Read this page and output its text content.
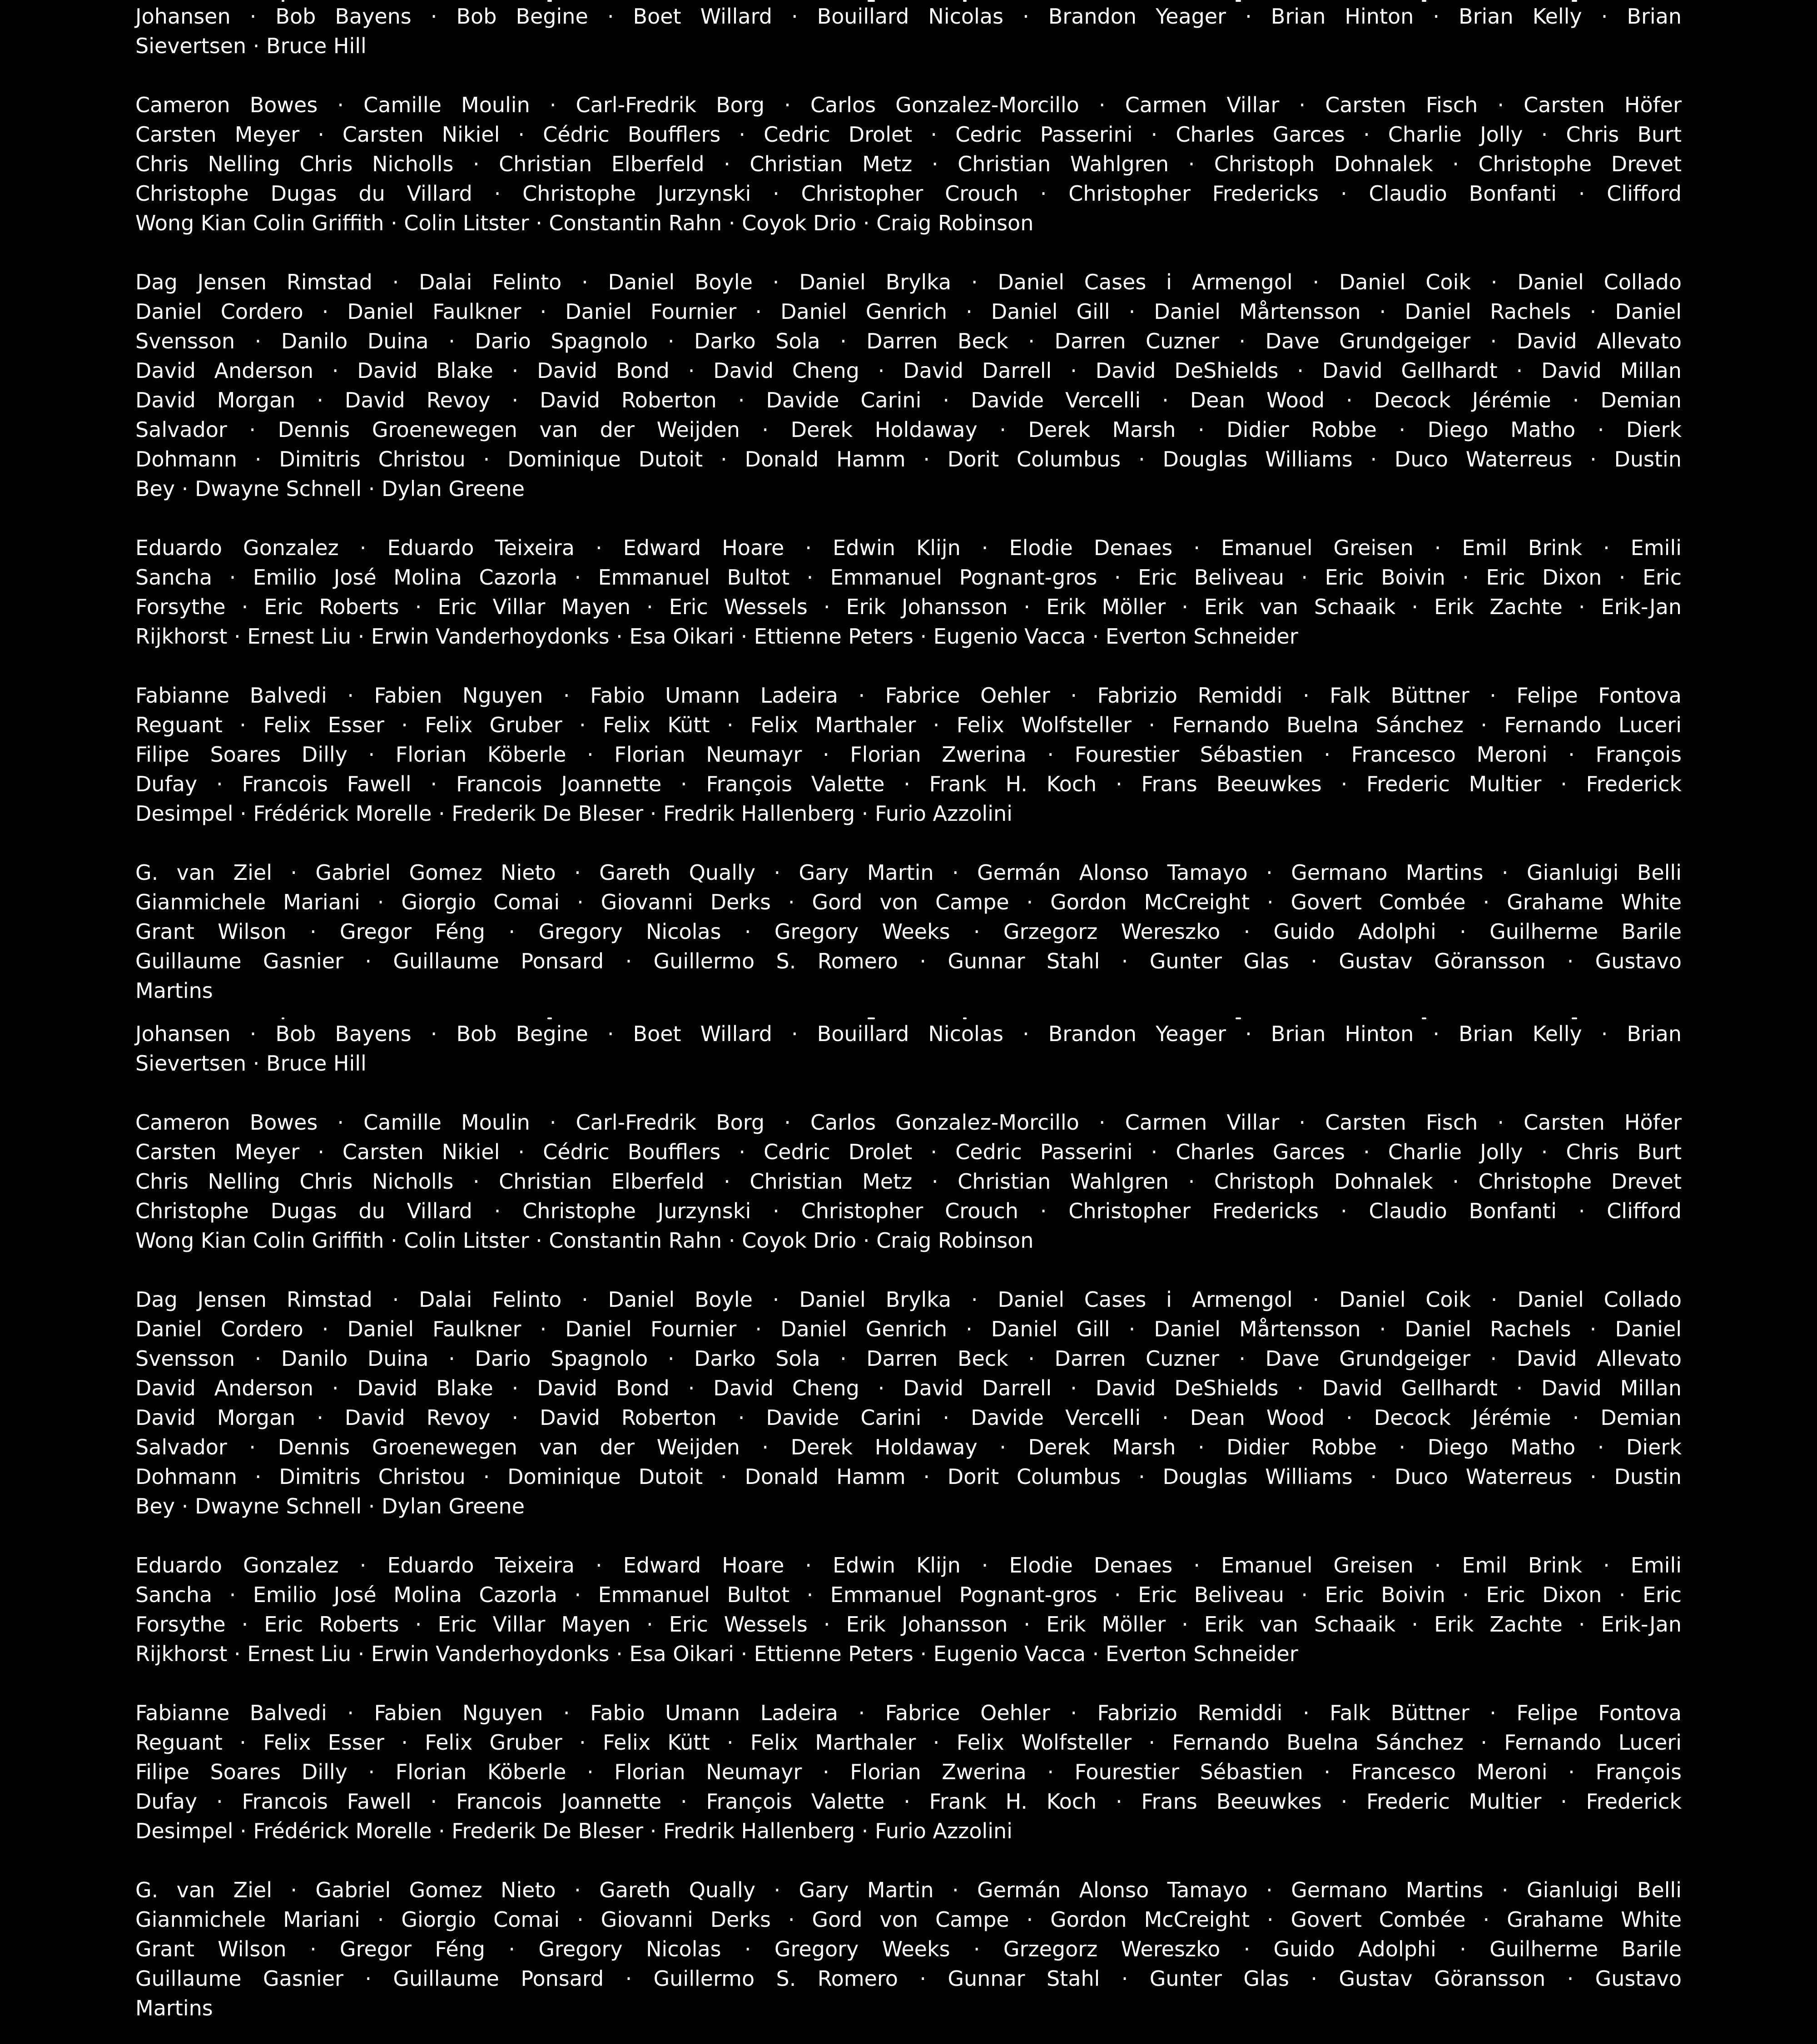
Johansen · Bob Bayens · Bob Begine · Boet Willard · Bouillard Nicolas · Brandon Yeager · Brian Hinton · Brian Kelly · Brian
Sievertsen · Bruce Hill
Cameron Bowes · Camille Moulin · Carl-Fredrik Borg · Carlos Gonzalez-Morcillo · Carmen Villar · Carsten Fisch · Carsten Höfer
Carsten Meyer · Carsten Nikiel · Cédric Boufflers · Cedric Drolet · Cedric Passerini · Charles Garces · Charlie Jolly · Chris Burt
Chris Nelling Chris Nicholls · Christian Elberfeld · Christian Metz · Christian Wahlgren · Christoph Dohnalek · Christophe Drevet
Christophe Dugas du Villard · Christophe Jurzynski · Christopher Crouch · Christopher Fredericks · Claudio Bonfanti · Clifford
Wong Kian Colin Griffith · Colin Litster · Constantin Rahn · Coyok Drio · Craig Robinson
Dag Jensen Rimstad · Dalai Felinto · Daniel Boyle · Daniel Brylka · Daniel Cases i Armengol · Daniel Coik · Daniel Collado
Daniel Cordero · Daniel Faulkner · Daniel Fournier · Daniel Genrich · Daniel Gill · Daniel Mårtensson · Daniel Rachels · Daniel
Svensson · Danilo Duina · Dario Spagnolo · Darko Sola · Darren Beck · Darren Cuzner · Dave Grundgeiger · David Allevato
David Anderson · David Blake · David Bond · David Cheng · David Darrell · David DeShields · David Gellhardt · David Millan
David Morgan · David Revoy · David Roberton · Davide Carini · Davide Vercelli · Dean Wood · Decock Jérémie · Demian
Salvador · Dennis Groenewegen van der Weijden · Derek Holdaway · Derek Marsh · Didier Robbe · Diego Matho · Dierk
Dohmann · Dimitris Christou · Dominique Dutoit · Donald Hamm · Dorit Columbus · Douglas Williams · Duco Waterreus · Dustin
Bey · Dwayne Schnell · Dylan Greene
Eduardo Gonzalez · Eduardo Teixeira · Edward Hoare · Edwin Klijn · Elodie Denaes · Emanuel Greisen · Emil Brink · Emili
Sancha · Emilio José Molina Cazorla · Emmanuel Bultot · Emmanuel Pognant-gros · Eric Beliveau · Eric Boivin · Eric Dixon · Eric
Forsythe · Eric Roberts · Eric Villar Mayen · Eric Wessels · Erik Johansson · Erik Möller · Erik van Schaaik · Erik Zachte · Erik-Jan
Rijkhorst · Ernest Liu · Erwin Vanderhoydonks · Esa Oikari · Ettienne Peters · Eugenio Vacca · Everton Schneider
Fabianne Balvedi · Fabien Nguyen · Fabio Umann Ladeira · Fabrice Oehler · Fabrizio Remiddi · Falk Büttner · Felipe Fontova
Reguant · Felix Esser · Felix Gruber · Felix Kütt · Felix Marthaler · Felix Wolfsteller · Fernando Buelna Sánchez · Fernando Luceri
Filipe Soares Dilly · Florian Köberle · Florian Neumayr · Florian Zwerina · Fourestier Sébastien · Francesco Meroni · François
Dufay · Francois Fawell · Francois Joannette · François Valette · Frank H. Koch · Frans Beeuwkes · Frederic Multier · Frederick
Desimpel · Frédérick Morelle · Frederik De Bleser · Fredrik Hallenberg · Furio Azzolini
G. van Ziel · Gabriel Gomez Nieto · Gareth Qually · Gary Martin · Germán Alonso Tamayo · Germano Martins · Gianluigi Belli
Gianmichele Mariani · Giorgio Comai · Giovanni Derks · Gord von Campe · Gordon McCreight · Govert Combée · Grahame White
Grant Wilson · Gregor Féng · Gregory Nicolas · Gregory Weeks · Grzegorz Wereszko · Guido Adolphi · Guilherme Barile
Guillaume Gasnier · Guillaume Ponsard · Guillermo S. Romero · Gunnar Stahl · Gunter Glas · Gustav Göransson · Gustavo
Martins
Johansen · Bob Bayens · Bob Begine · Boet Willard · Bouillard Nicolas · Brandon Yeager · Brian Hinton · Brian Kelly · Brian
Sievertsen · Bruce Hill
Cameron Bowes · Camille Moulin · Carl-Fredrik Borg · Carlos Gonzalez-Morcillo · Carmen Villar · Carsten Fisch · Carsten Höfer
Carsten Meyer · Carsten Nikiel · Cédric Boufflers · Cedric Drolet · Cedric Passerini · Charles Garces · Charlie Jolly · Chris Burt
Chris Nelling Chris Nicholls · Christian Elberfeld · Christian Metz · Christian Wahlgren · Christoph Dohnalek · Christophe Drevet
Christophe Dugas du Villard · Christophe Jurzynski · Christopher Crouch · Christopher Fredericks · Claudio Bonfanti · Clifford
Wong Kian Colin Griffith · Colin Litster · Constantin Rahn · Coyok Drio · Craig Robinson
Dag Jensen Rimstad · Dalai Felinto · Daniel Boyle · Daniel Brylka · Daniel Cases i Armengol · Daniel Coik · Daniel Collado
Daniel Cordero · Daniel Faulkner · Daniel Fournier · Daniel Genrich · Daniel Gill · Daniel Mårtensson · Daniel Rachels · Daniel
Svensson · Danilo Duina · Dario Spagnolo · Darko Sola · Darren Beck · Darren Cuzner · Dave Grundgeiger · David Allevato
David Anderson · David Blake · David Bond · David Cheng · David Darrell · David DeShields · David Gellhardt · David Millan
David Morgan · David Revoy · David Roberton · Davide Carini · Davide Vercelli · Dean Wood · Decock Jérémie · Demian
Salvador · Dennis Groenewegen van der Weijden · Derek Holdaway · Derek Marsh · Didier Robbe · Diego Matho · Dierk
Dohmann · Dimitris Christou · Dominique Dutoit · Donald Hamm · Dorit Columbus · Douglas Williams · Duco Waterreus · Dustin
Bey · Dwayne Schnell · Dylan Greene
Eduardo Gonzalez · Eduardo Teixeira · Edward Hoare · Edwin Klijn · Elodie Denaes · Emanuel Greisen · Emil Brink · Emili
Sancha · Emilio José Molina Cazorla · Emmanuel Bultot · Emmanuel Pognant-gros · Eric Beliveau · Eric Boivin · Eric Dixon · Eric
Forsythe · Eric Roberts · Eric Villar Mayen · Eric Wessels · Erik Johansson · Erik Möller · Erik van Schaaik · Erik Zachte · Erik-Jan
Rijkhorst · Ernest Liu · Erwin Vanderhoydonks · Esa Oikari · Ettienne Peters · Eugenio Vacca · Everton Schneider
Fabianne Balvedi · Fabien Nguyen · Fabio Umann Ladeira · Fabrice Oehler · Fabrizio Remiddi · Falk Büttner · Felipe Fontova
Reguant · Felix Esser · Felix Gruber · Felix Kütt · Felix Marthaler · Felix Wolfsteller · Fernando Buelna Sánchez · Fernando Luceri
Filipe Soares Dilly · Florian Köberle · Florian Neumayr · Florian Zwerina · Fourestier Sébastien · Francesco Meroni · François
Dufay · Francois Fawell · Francois Joannette · François Valette · Frank H. Koch · Frans Beeuwkes · Frederic Multier · Frederick
Desimpel · Frédérick Morelle · Frederik De Bleser · Fredrik Hallenberg · Furio Azzolini
G. van Ziel · Gabriel Gomez Nieto · Gareth Qually · Gary Martin · Germán Alonso Tamayo · Germano Martins · Gianluigi Belli
Gianmichele Mariani · Giorgio Comai · Giovanni Derks · Gord von Campe · Gordon McCreight · Govert Combée · Grahame White
Grant Wilson · Gregor Féng · Gregory Nicolas · Gregory Weeks · Grzegorz Wereszko · Guido Adolphi · Guilherme Barile
Guillaume Gasnier · Guillaume Ponsard · Guillermo S. Romero · Gunnar Stahl · Gunter Glas · Gustav Göransson · Gustavo
Martins
